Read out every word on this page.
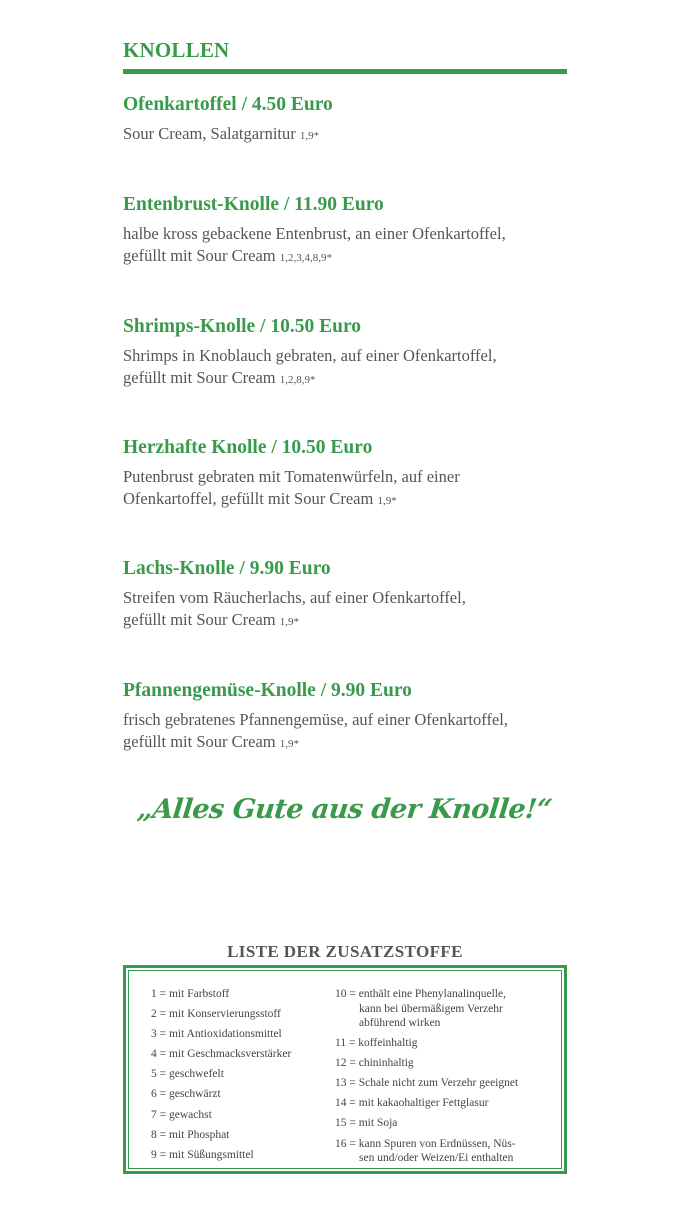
KNOLLEN
Ofenkartoffel / 4.50 Euro

Sour Cream, Salatgarnitur 1,9*

Entenbrust-Knolle / 11.90 Euro

halbe kross gebackene Entenbrust, an einer Ofenkartoffel,
gefüllt mit Sour Cream 1,2,3,4,8,9*

Shrimps-Knolle / 10.50 Euro

Shrimps in Knoblauch gebraten, auf einer Ofenkartoffel,
gefüllt mit Sour Cream 1,2,8,9*

Herzhafte Knolle / 10.50 Euro

Putenbrust gebraten mit Tomatenwürfeln, auf einer
Ofenkartoffel, gefüllt mit Sour Cream 1,9*

Lachs-Knolle / 9.90 Euro

Streifen vom Räucherlachs, auf einer Ofenkartoffel,
gefüllt mit Sour Cream 1,9*

Pfannengemüse-Knolle / 9.90 Euro

frisch gebratenes Pfannengemüse, auf einer Ofenkartoffel,
gefüllt mit Sour Cream 1,9*

„Alles Gute aus der Knolle!“
LISTE DER ZUSATZSTOFFE
1 = mit Farbstoff
2 = mit Konservierungsstoff
3 = mit Antioxidationsmittel
4 = mit Geschmacksverstärker
5 = geschwefelt
6 = geschwärzt
7 = gewachst
8 = mit Phosphat
9 = mit Süßungsmittel
10 = enthält eine Phenylanalinquelle,
kann bei übermäßigem Verzehr
abführend wirken
11 = koffeinhaltig
12 = chininhaltig
13 = Schale nicht zum Verzehr geeignet
14 = mit kakaohaltiger Fettglasur
15 = mit Soja
16 = kann Spuren von Erdnüssen, Nüs-
sen und/oder Weizen/Ei enthalten
